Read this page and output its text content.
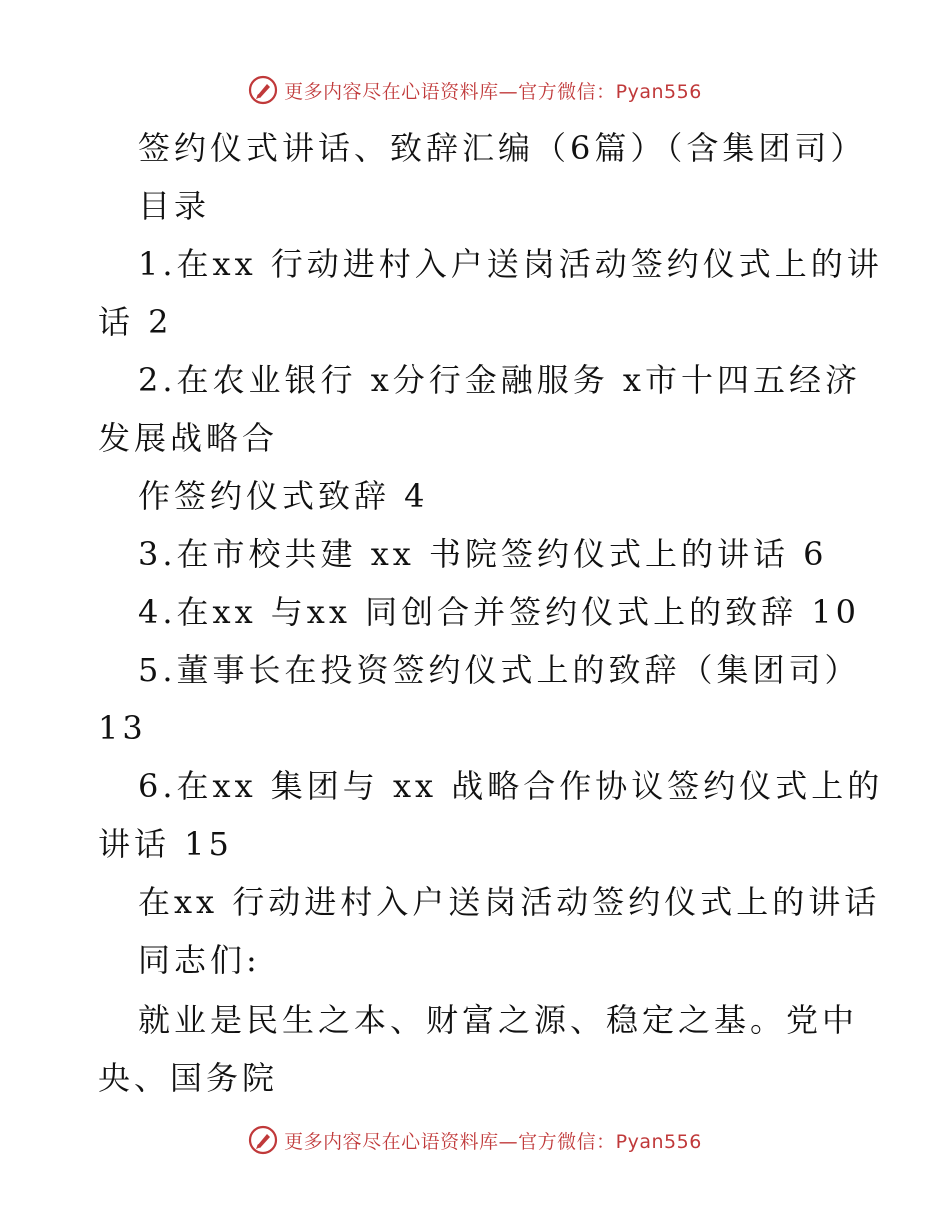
更多内容尽在心语资料库—官方微信：Pyan556
签约仪式讲话、致辞汇编（6篇）（含集团司）
目录
1.在xx 行动进村入户送岗活动签约仪式上的讲
话 2
2.在农业银行 x分行金融服务 x市十四五经济
发展战略合
作签约仪式致辞 4
3.在市校共建 xx 书院签约仪式上的讲话 6
4.在xx 与xx 同创合并签约仪式上的致辞 10
5.董事长在投资签约仪式上的致辞（集团司）
13
6.在xx 集团与 xx 战略合作协议签约仪式上的
讲话 15
在xx 行动进村入户送岗活动签约仪式上的讲话
同志们:
就业是民生之本、财富之源、稳定之基。党中
央、国务院
更多内容尽在心语资料库—官方微信：Pyan556
